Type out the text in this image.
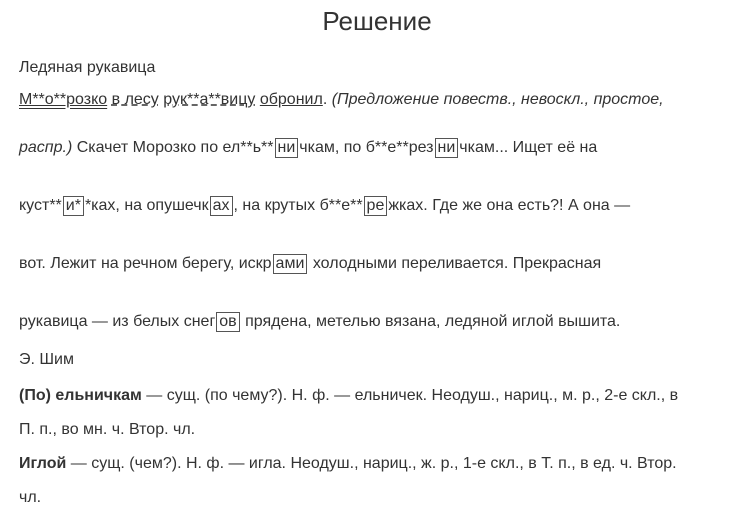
Решение
Ледяная рукавица
М**о**розко в лесу рук**а**вицу обронил. (Предложение повеств., невоскл., простое,
распр.) Скачет Морозко по ел**ь** ни чкам, по б**е**рез ни чкам... Ищет её на
куст** и* *ках, на опушечк ах , на крутых б**е** ре жках. Где же она есть?! А она —
вот. Лежит на речном берегу, искр ами холодными переливается. Прекрасная
рукавица — из белых снег ов прядена, метелью вязана, ледяной иглой вышита.
Э. Шим
(По) ельничкам — сущ. (по чему?). Н. ф. — ельничек. Неодуш., нариц., м. р., 2-е скл., в
П. п., во мн. ч. Втор. чл.
Иглой — сущ. (чем?). Н. ф. — игла. Неодуш., нариц., ж. р., 1-е скл., в Т. п., в ед. ч. Втор.
чл.
